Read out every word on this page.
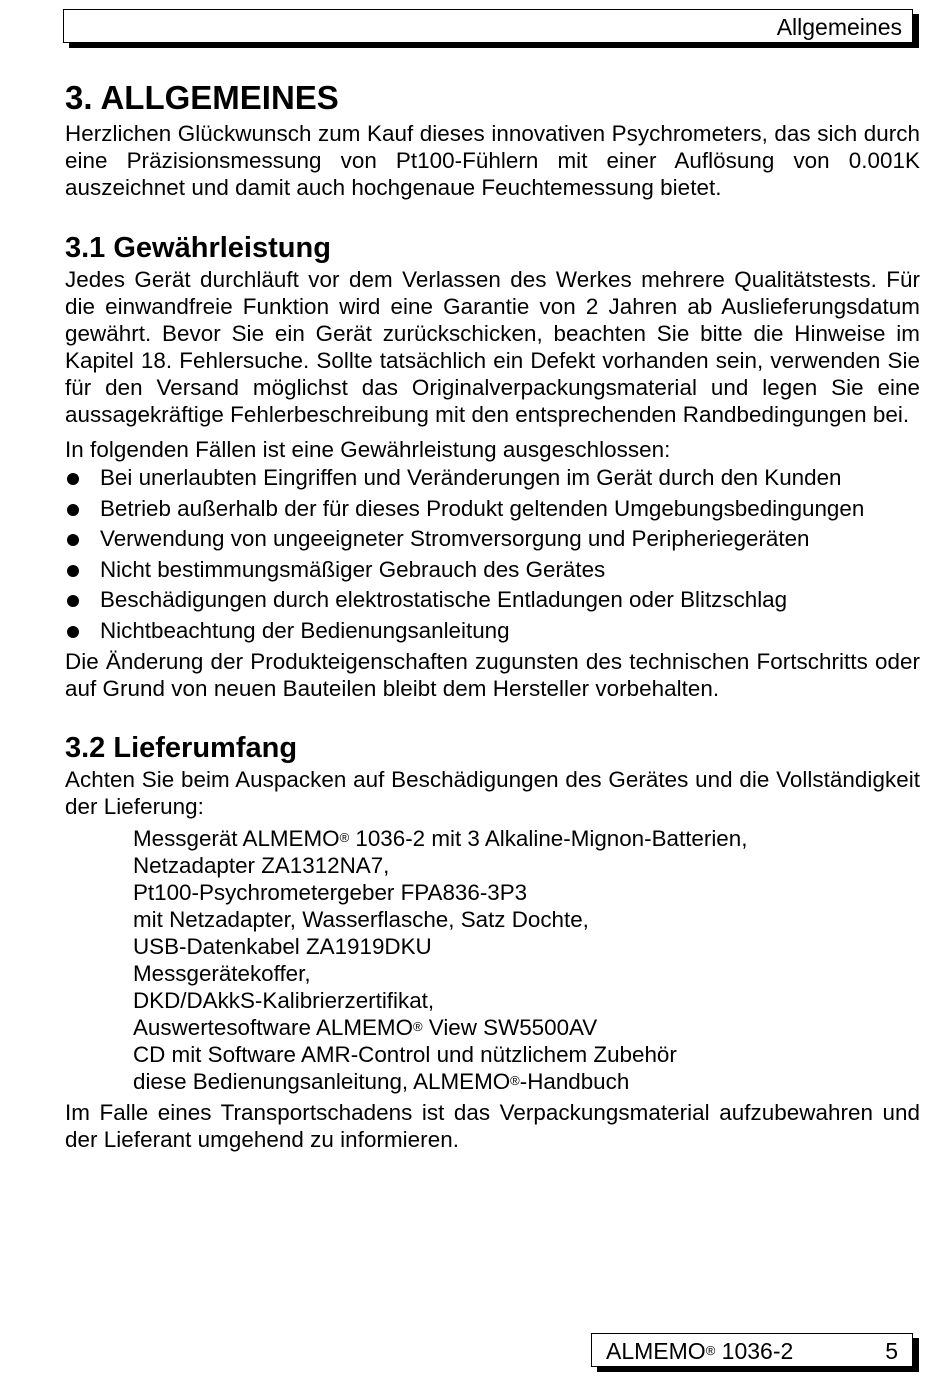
Allgemeines
3. ALLGEMEINES

Herzlichen Glückwunsch zum Kauf dieses innovativen Psychrometers, das sich durch eine Präzisionsmessung von Pt100-Fühlern mit einer Auflösung von 0.001K auszeichnet und damit auch hochgenaue Feuchtemessung bietet.

3.1 Gewährleistung

Jedes Gerät durchläuft vor dem Verlassen des Werkes mehrere Qualitätstests. Für die einwandfreie Funktion wird eine Garantie von 2 Jahren ab Auslieferungsdatum gewährt. Bevor Sie ein Gerät zurückschicken, beachten Sie bitte die Hinweise im Kapitel 18. Fehlersuche. Sollte tatsächlich ein Defekt vorhanden sein, verwenden Sie für den Versand möglichst das Originalverpackungsmaterial und legen Sie eine aussagekräftige Fehlerbeschreibung mit den entsprechenden Randbedingungen bei.

In folgenden Fällen ist eine Gewährleistung ausgeschlossen:

Bei unerlaubten Eingriffen und Veränderungen im Gerät durch den Kunden
Betrieb außerhalb der für dieses Produkt geltenden Umgebungsbedingungen
Verwendung von ungeeigneter Stromversorgung und Peripheriegeräten
Nicht bestimmungsmäßiger Gebrauch des Gerätes
Beschädigungen durch elektrostatische Entladungen oder Blitzschlag
Nichtbeachtung der Bedienungsanleitung

Die Änderung der Produkteigenschaften zugunsten des technischen Fortschritts oder auf Grund von neuen Bauteilen bleibt dem Hersteller vorbehalten.

3.2 Lieferumfang

Achten Sie beim Auspacken auf Beschädigungen des Gerätes und die Vollständigkeit der Lieferung:

Messgerät ALMEMO® 1036-2 mit 3 Alkaline-Mignon-Batterien,
Netzadapter ZA1312NA7,
Pt100-Psychrometergeber FPA836-3P3
mit Netzadapter, Wasserflasche, Satz Dochte,
USB-Datenkabel ZA1919DKU
Messgerätekoffer,
DKD/DAkkS-Kalibrierzertifikat,
Auswertesoftware ALMEMO® View SW5500AV
CD mit Software AMR-Control und nützlichem Zubehör
diese Bedienungsanleitung, ALMEMO®-Handbuch

Im Falle eines Transportschadens ist das Verpackungsmaterial aufzubewahren und der Lieferant umgehend zu informieren.

ALMEMO® 1036-2	5
